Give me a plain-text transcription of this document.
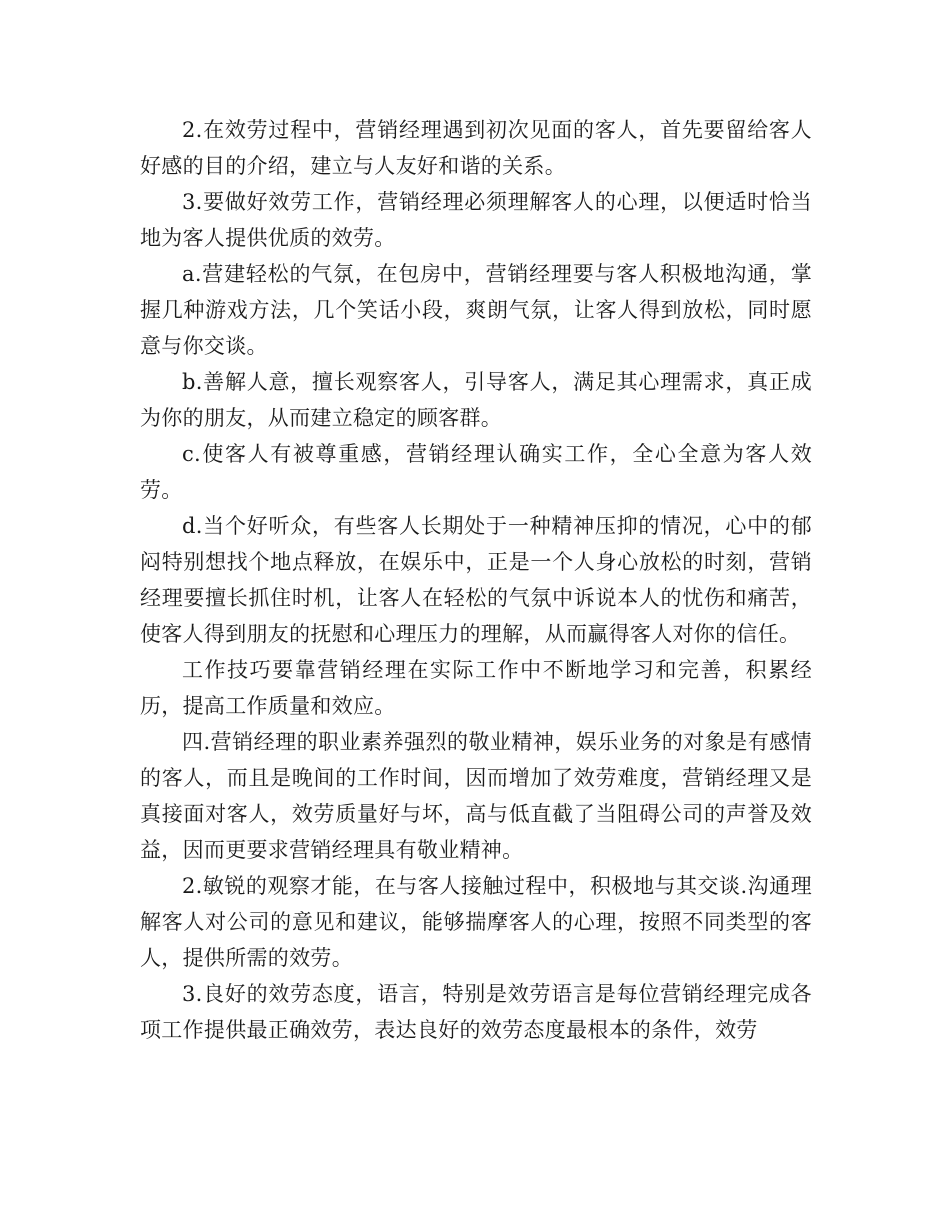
2.在效劳过程中，营销经理遇到初次见面的客人，首先要留给客人好感的目的介绍，建立与人友好和谐的关系。

3.要做好效劳工作，营销经理必须理解客人的心理，以便适时恰当地为客人提供优质的效劳。

a.营建轻松的气氛，在包房中，营销经理要与客人积极地沟通，掌握几种游戏方法，几个笑话小段，爽朗气氛，让客人得到放松，同时愿意与你交谈。

b.善解人意，擅长观察客人，引导客人，满足其心理需求，真正成为你的朋友，从而建立稳定的顾客群。

c.使客人有被尊重感，营销经理认确实工作，全心全意为客人效劳。

d.当个好听众，有些客人长期处于一种精神压抑的情况，心中的郁闷特别想找个地点释放，在娱乐中，正是一个人身心放松的时刻，营销经理要擅长抓住时机，让客人在轻松的气氛中诉说本人的忧伤和痛苦，使客人得到朋友的抚慰和心理压力的理解，从而赢得客人对你的信任。

工作技巧要靠营销经理在实际工作中不断地学习和完善，积累经历，提高工作质量和效应。

四.营销经理的职业素养强烈的敬业精神，娱乐业务的对象是有感情的客人，而且是晚间的工作时间，因而增加了效劳难度，营销经理又是真接面对客人，效劳质量好与坏，高与低直截了当阻碍公司的声誉及效益，因而更要求营销经理具有敬业精神。

2.敏锐的观察才能，在与客人接触过程中，积极地与其交谈.沟通理解客人对公司的意见和建议，能够揣摩客人的心理，按照不同类型的客人，提供所需的效劳。

3.良好的效劳态度，语言，特别是效劳语言是每位营销经理完成各项工作提供最正确效劳，表达良好的效劳态度最根本的条件，效劳
